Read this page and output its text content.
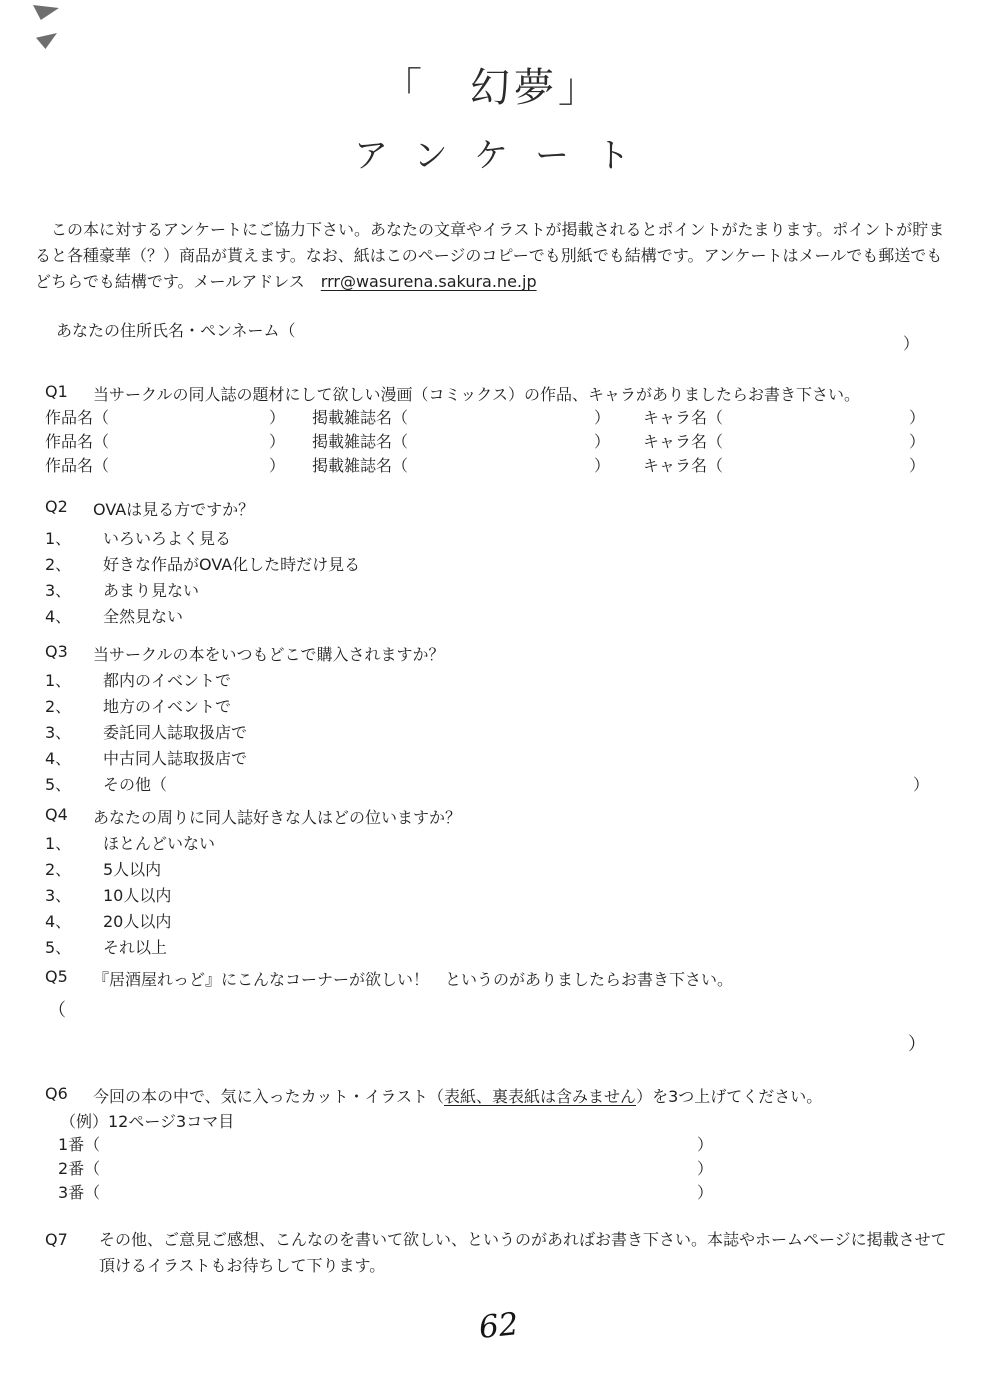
「　幻夢」
アンケート
　この本に対するアンケートにご協力下さい。あなたの文章やイラストが掲載されるとポイントがたまります。ポイントが貯ま
ると各種豪華（？）商品が貰えます。なお、紙はこのページのコピーでも別紙でも結構です。アンケートはメールでも郵送でも
どちらでも結構です。メールアドレス　rrr@wasurena.sakura.ne.jp
あなたの住所氏名・ペンネーム（
）
Q1	当サークルの同人誌の題材にして欲しい漫画（コミックス）の作品、キャラがありましたらお書き下さい。
作品名（	） 掲載雑誌名（	） キャラ名（	）
作品名（	） 掲載雑誌名（	） キャラ名（	）
作品名（	） 掲載雑誌名（	） キャラ名（	）
Q2	OVAは見る方ですか？
1、	いろいろよく見る
2、	好きな作品がOVA化した時だけ見る
3、	あまり見ない
4、	全然見ない
Q3	当サークルの本をいつもどこで購入されますか？
1、	都内のイベントで
2、	地方のイベントで
3、	委託同人誌取扱店で
4、	中古同人誌取扱店で
5、	その他（	）
Q4	あなたの周りに同人誌好きな人はどの位いますか？
1、	ほとんどいない
2、	5人以内
3、	10人以内
4、	20人以内
5、	それ以上
Q5	『居酒屋れっど』にこんなコーナーが欲しい！　というのがありましたらお書き下さい。
（
）
Q6	今回の本の中で、気に入ったカット・イラスト（表紙、裏表紙は含みません）を3つ上げてください。
（例）12ページ3コマ目
1番（	）
2番（	）
3番（	）
Q7	その他、ご意見ご感想、こんなのを書いて欲しい、というのがあればお書き下さい。本誌やホームページに掲載させて
頂けるイラストもお待ちして下ります。
62
